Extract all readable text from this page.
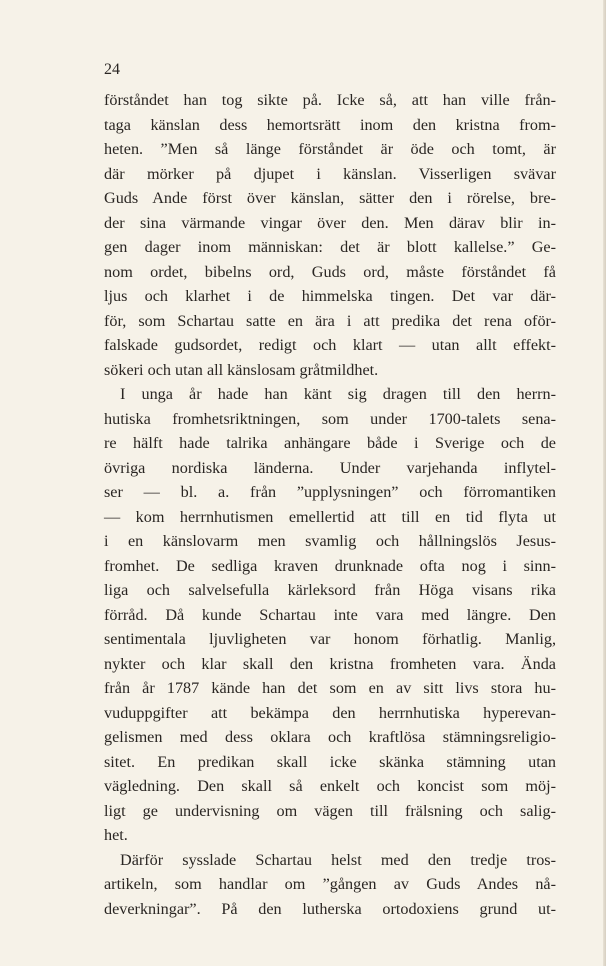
24
förståndet han tog sikte på. Icke så, att han ville från-
taga känslan dess hemortsrätt inom den kristna from-
heten. ”Men så länge förståndet är öde och tomt, är
där mörker på djupet i känslan. Visserligen svävar
Guds Ande först över känslan, sätter den i rörelse, bre-
der sina värmande vingar över den. Men därav blir in-
gen dager inom människan: det är blott kallelse.” Ge-
nom ordet, bibelns ord, Guds ord, måste förståndet få
ljus och klarhet i de himmelska tingen. Det var där-
för, som Schartau satte en ära i att predika det rena oför-
falskade gudsordet, redigt och klart — utan allt effekt-
sökeri och utan all känslosam gråtmildhet.
I unga år hade han känt sig dragen till den herrn-
hutiska fromhetsriktningen, som under 1700-talets sena-
re hälft hade talrika anhängare både i Sverige och de
övriga nordiska länderna. Under varjehanda inflytel-
ser — bl. a. från ”upplysningen” och förromantiken
— kom herrnhutismen emellertid att till en tid flyta ut
i en känslovarm men svamlig och hållningslös Jesus-
fromhet. De sedliga kraven drunknade ofta nog i sinn-
liga och salvelsefulla kärleksord från Höga visans rika
förråd. Då kunde Schartau inte vara med längre. Den
sentimentala ljuvligheten var honom förhatlig. Manlig,
nykter och klar skall den kristna fromheten vara. Ända
från år 1787 kände han det som en av sitt livs stora hu-
vuduppgifter att bekämpa den herrnhutiska hyperevan-
gelismen med dess oklara och kraftlösa stämningsreligio-
sitet. En predikan skall icke skänka stämning utan
vägledning. Den skall så enkelt och koncist som möj-
ligt ge undervisning om vägen till frälsning och salig-
het.
Därför sysslade Schartau helst med den tredje tros-
artikeln, som handlar om ”gången av Guds Andes nå-
deverkningar”. På den lutherska ortodoxiens grund ut-
